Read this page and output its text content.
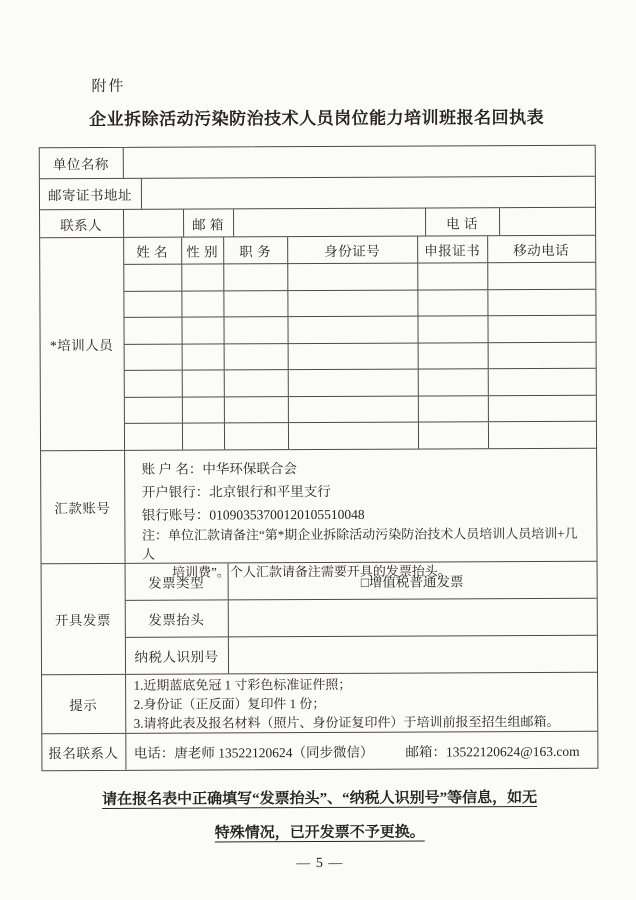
附件
企业拆除活动污染防治技术人员岗位能力培训班报名回执表
单位名称
邮寄证书地址
联系人	邮 箱	电 话
*培训人员
姓 名	性 别	职 务	身份证号	申报证书	移动电话
汇款账号
账 户 名：中华环保联合会
开户银行：北京银行和平里支行
银行账号：01090353700120105510048
注：单位汇款请备注“第*期企业拆除活动污染防治技术人员培训人员培训+几人
培训费”。个人汇款请备注需要开具的发票抬头。
开具发票
发票类型	□增值税普通发票
发票抬头
纳税人识别号
提示
1.近期蓝底免冠 1 寸彩色标准证件照；
2.身份证（正反面）复印件 1 份；
3.请将此表及报名材料（照片、身份证复印件）于培训前报至招生组邮箱。
报名联系人	电话：唐老师 13522120624（同步微信） 邮箱：13522120624@163.com
请在报名表中正确填写“发票抬头”、“纳税人识别号”等信息，如无
特殊情况，已开发票不予更换。
— 5 —
